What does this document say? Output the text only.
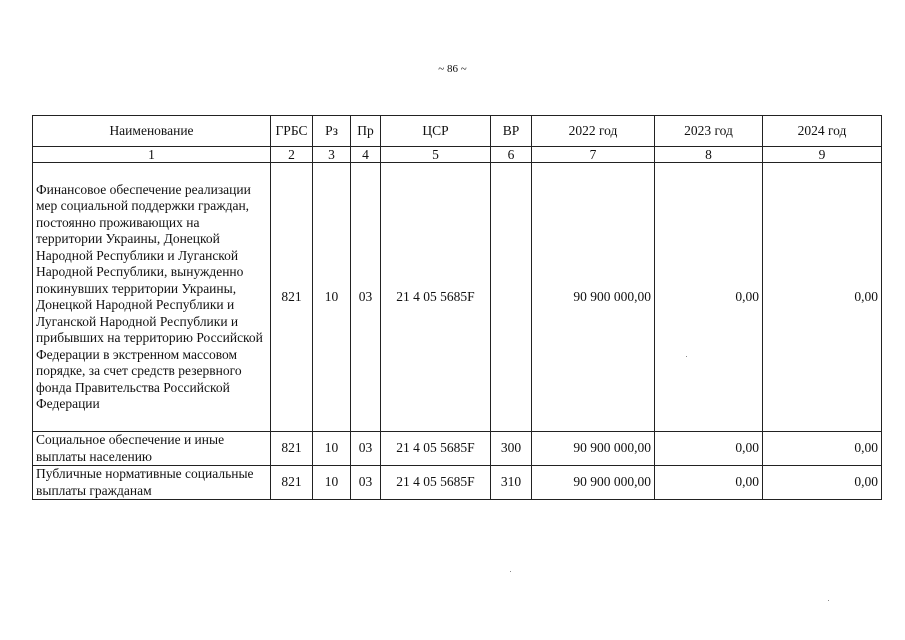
~ 86 ~
Наименование	ГРБС	Рз	Пр	ЦСР	ВР	2022 год	2023 год	2024 год
1	2	3	4	5	6	7	8	9
Финансовое обеспечение реализации мер социальной поддержки граждан, постоянно проживающих на территории Украины, Донецкой Народной Республики и Луганской Народной Республики, вынужденно покинувших территории Украины, Донецкой Народной Республики и Луганской Народной Республики и прибывших на территорию Российской Федерации в экстренном массовом порядке, за счет средств резервного фонда Правительства Российской Федерации	821	10	03	21 4 05 5685F		90 900 000,00	0,00	0,00
Социальное обеспечение и иные выплаты населению	821	10	03	21 4 05 5685F	300	90 900 000,00	0,00	0,00
Публичные нормативные социальные выплаты гражданам	821	10	03	21 4 05 5685F	310	90 900 000,00	0,00	0,00
